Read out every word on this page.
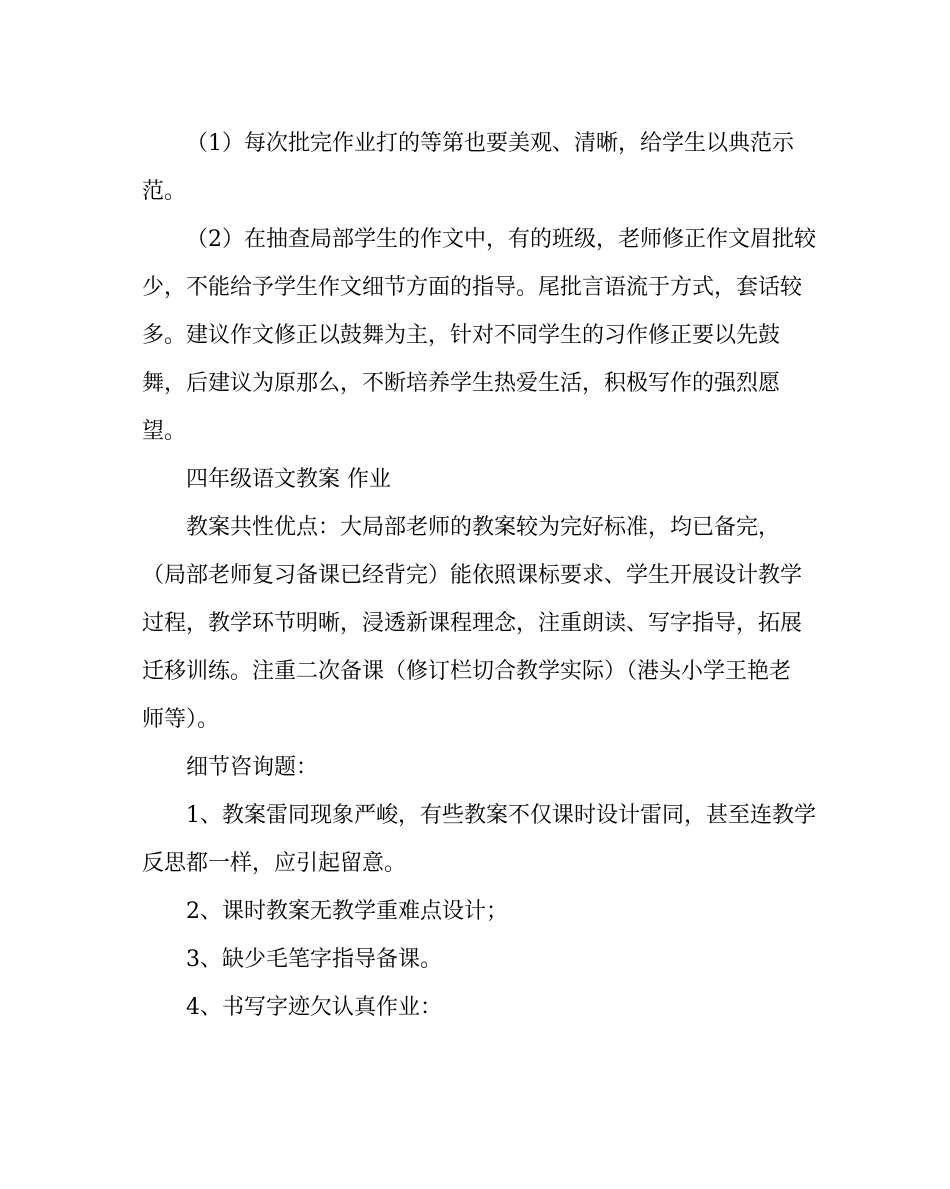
（1）每次批完作业打的等第也要美观、清晰，给学生以典范示
范。

（2）在抽查局部学生的作文中，有的班级，老师修正作文眉批较
少，不能给予学生作文细节方面的指导。尾批言语流于方式，套话较
多。建议作文修正以鼓舞为主，针对不同学生的习作修正要以先鼓
舞，后建议为原那么，不断培养学生热爱生活，积极写作的强烈愿
望。

四年级语文教案 作业

教案共性优点：大局部老师的教案较为完好标准，均已备完，
（局部老师复习备课已经背完）能依照课标要求、学生开展设计教学
过程，教学环节明晰，浸透新课程理念，注重朗读、写字指导，拓展
迁移训练。注重二次备课（修订栏切合教学实际）（港头小学王艳老
师等）。

细节咨询题：

1、教案雷同现象严峻，有些教案不仅课时设计雷同，甚至连教学
反思都一样，应引起留意。

2、课时教案无教学重难点设计；

3、缺少毛笔字指导备课。

4、书写字迹欠认真作业：
